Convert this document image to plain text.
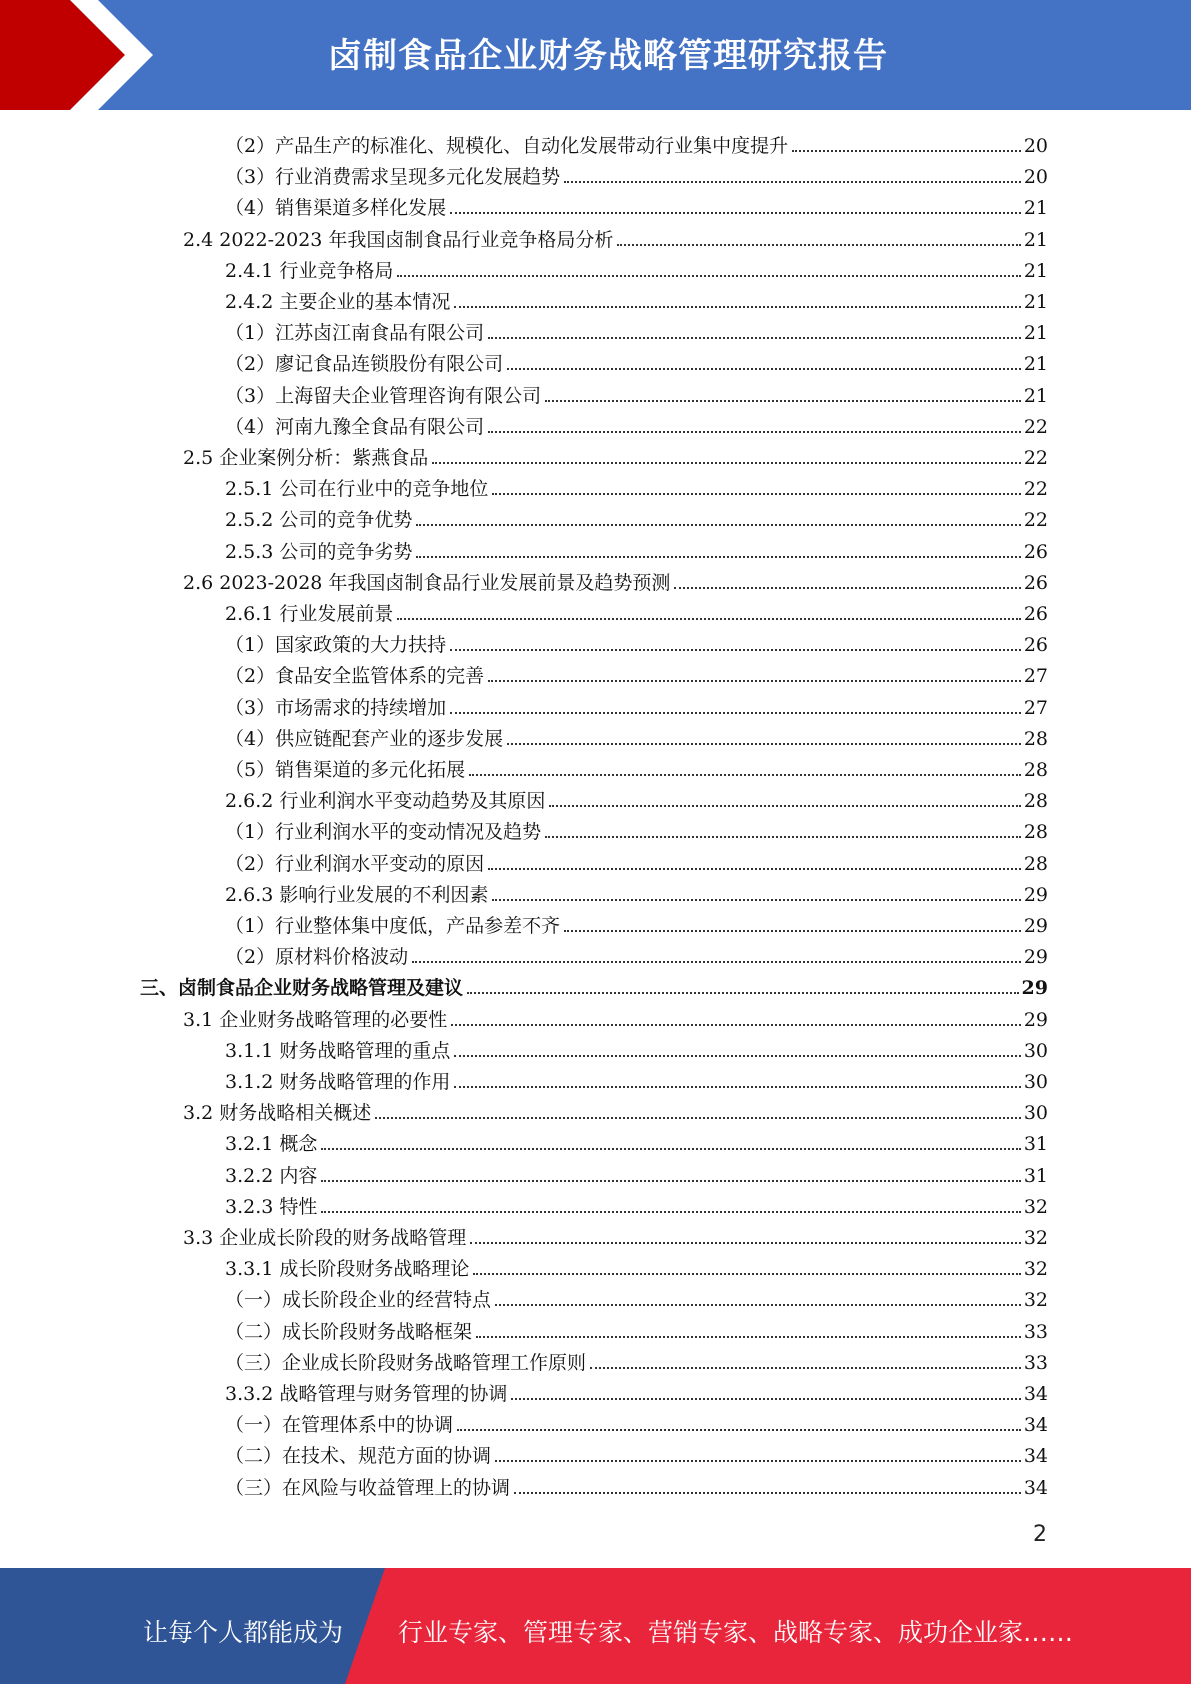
卤制食品企业财务战略管理研究报告
（2）产品生产的标准化、规模化、自动化发展带动行业集中度提升	20
（3）行业消费需求呈现多元化发展趋势	20
（4）销售渠道多样化发展	21
2.4 2022-2023 年我国卤制食品行业竞争格局分析	21
2.4.1 行业竞争格局	21
2.4.2 主要企业的基本情况	21
（1）江苏卤江南食品有限公司	21
（2）廖记食品连锁股份有限公司	21
（3）上海留夫企业管理咨询有限公司	21
（4）河南九豫全食品有限公司	22
2.5 企业案例分析：紫燕食品	22
2.5.1 公司在行业中的竞争地位	22
2.5.2 公司的竞争优势	22
2.5.3 公司的竞争劣势	26
2.6 2023-2028 年我国卤制食品行业发展前景及趋势预测	26
2.6.1 行业发展前景	26
（1）国家政策的大力扶持	26
（2）食品安全监管体系的完善	27
（3）市场需求的持续增加	27
（4）供应链配套产业的逐步发展	28
（5）销售渠道的多元化拓展	28
2.6.2 行业利润水平变动趋势及其原因	28
（1）行业利润水平的变动情况及趋势	28
（2）行业利润水平变动的原因	28
2.6.3 影响行业发展的不利因素	29
（1）行业整体集中度低，产品参差不齐	29
（2）原材料价格波动	29
三、卤制食品企业财务战略管理及建议	29
3.1 企业财务战略管理的必要性	29
3.1.1 财务战略管理的重点	30
3.1.2 财务战略管理的作用	30
3.2 财务战略相关概述	30
3.2.1 概念	31
3.2.2 内容	31
3.2.3 特性	32
3.3 企业成长阶段的财务战略管理	32
3.3.1 成长阶段财务战略理论	32
（一）成长阶段企业的经营特点	32
（二）成长阶段财务战略框架	33
（三）企业成长阶段财务战略管理工作原则	33
3.3.2 战略管理与财务管理的协调	34
（一）在管理体系中的协调	34
（二）在技术、规范方面的协调	34
（三）在风险与收益管理上的协调	34
2
让每个人都能成为 行业专家、管理专家、营销专家、战略专家、成功企业家……
